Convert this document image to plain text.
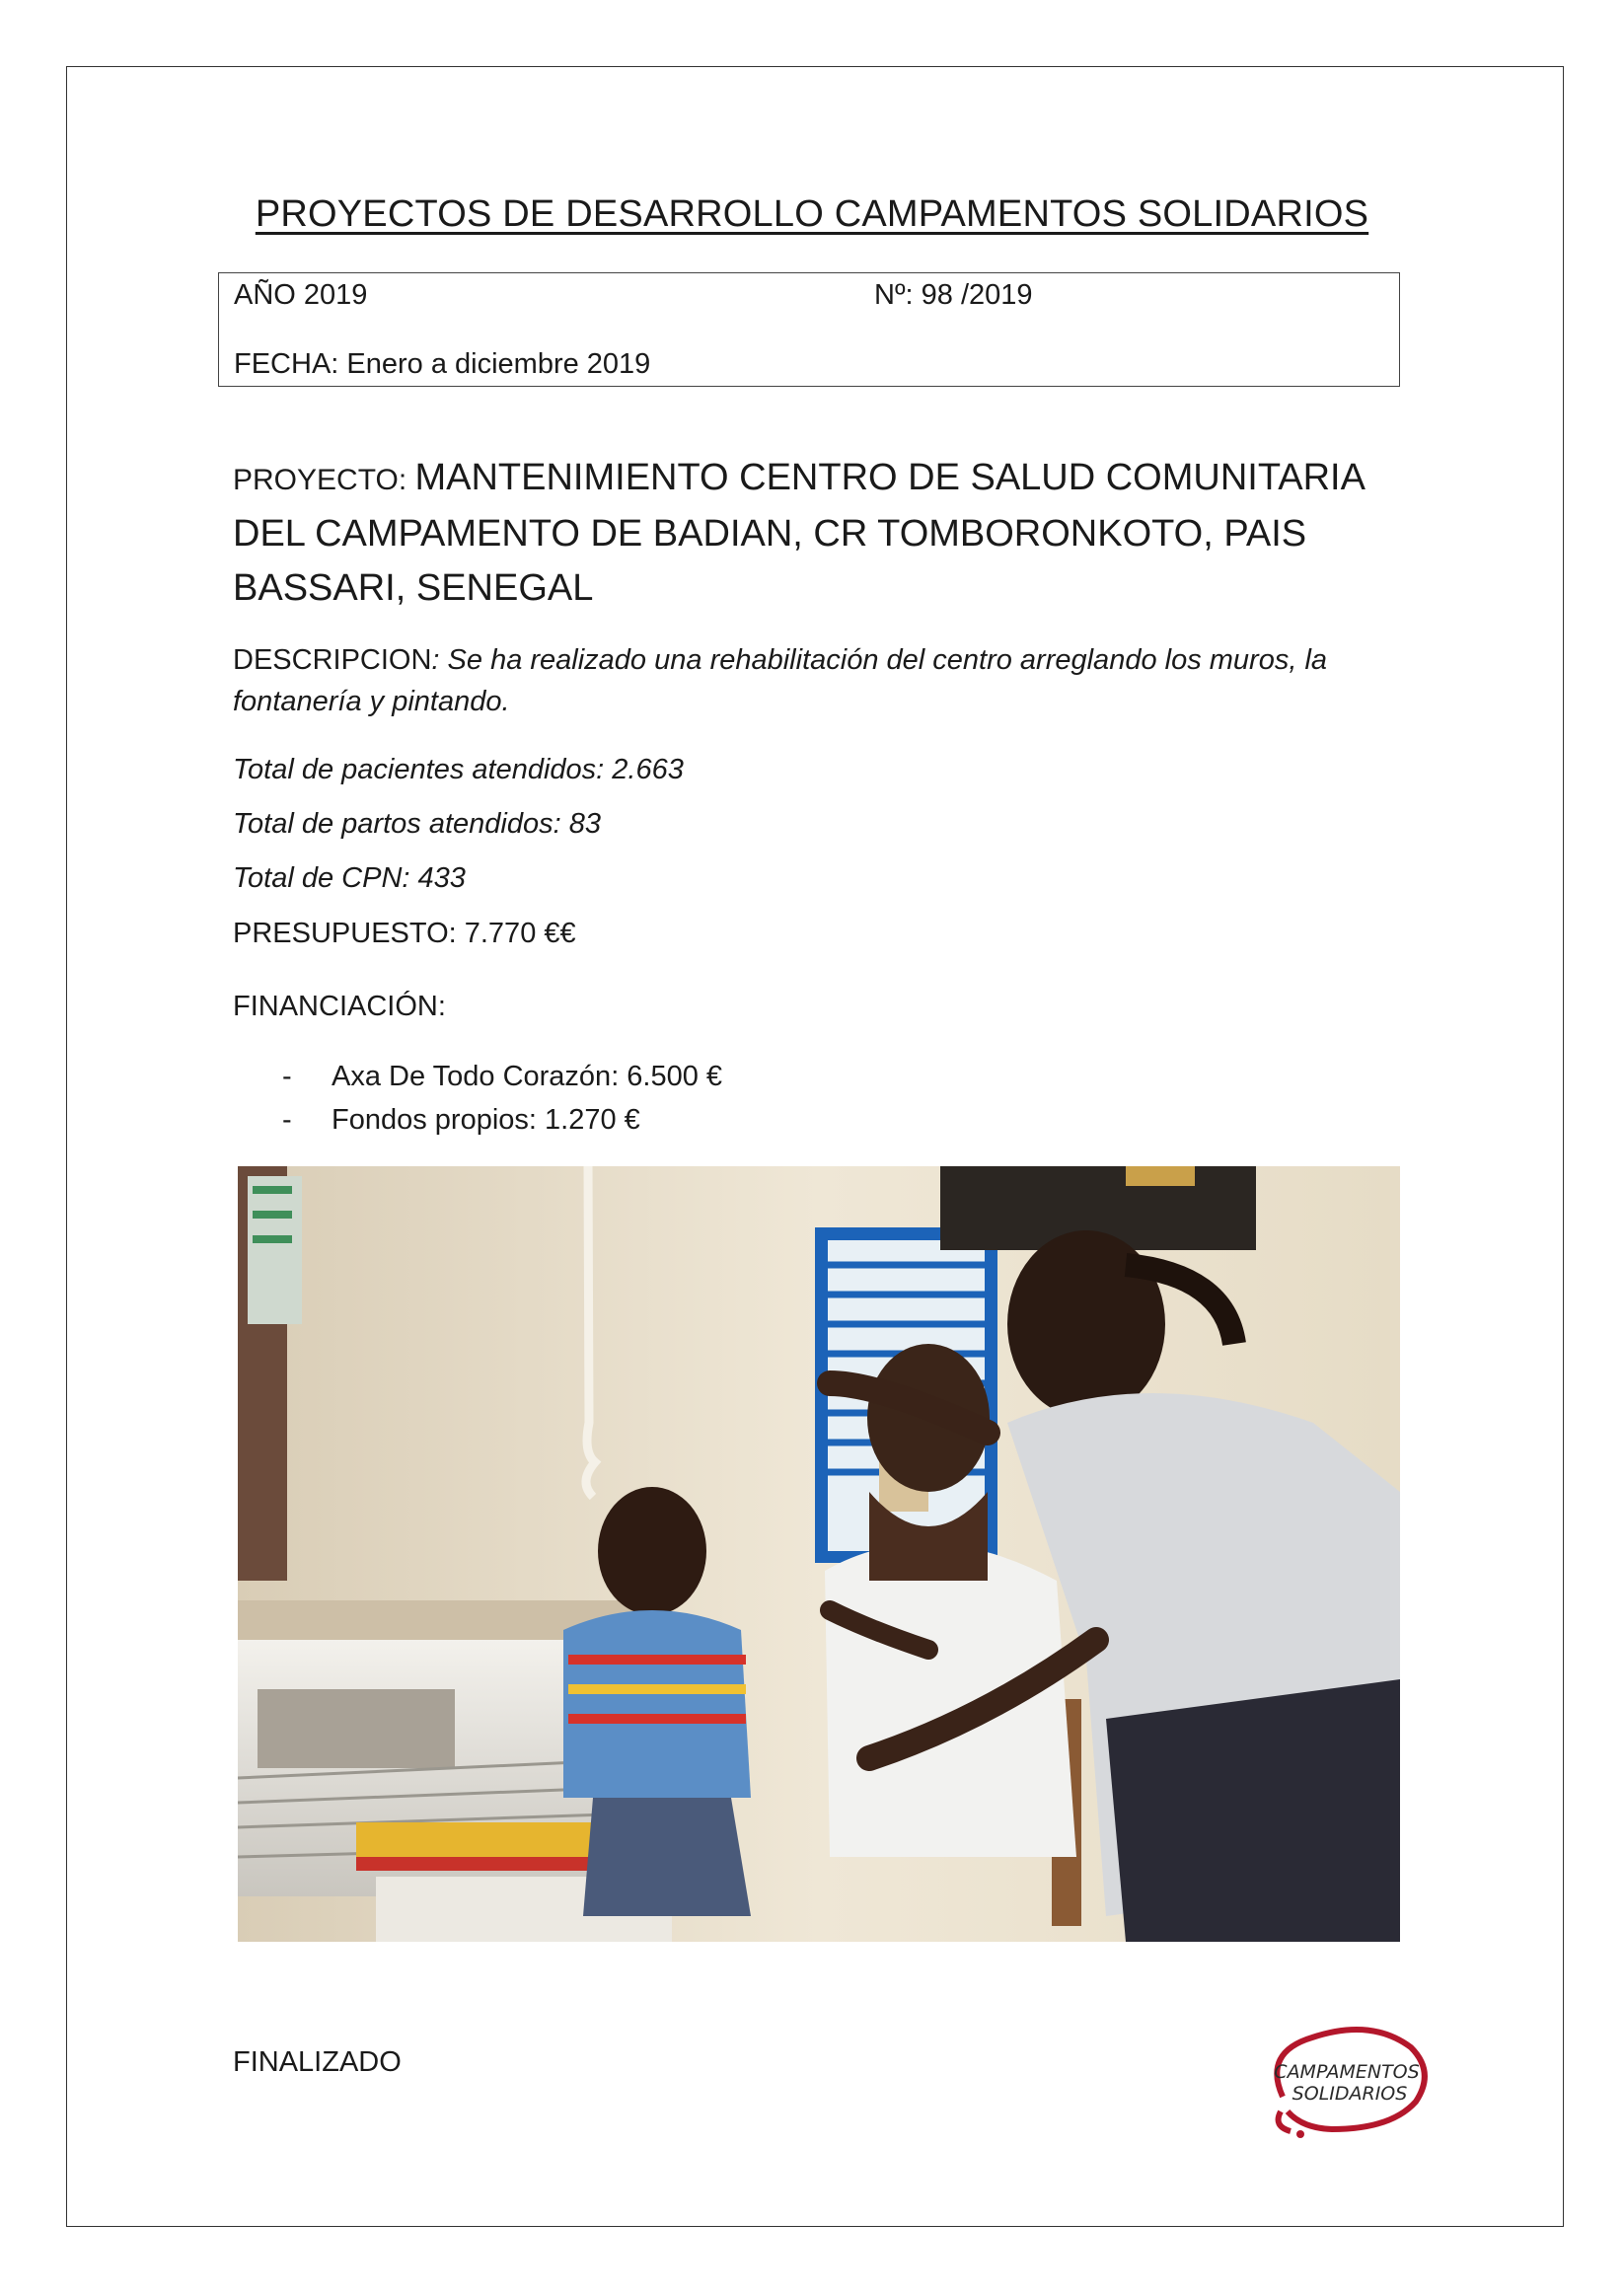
PROYECTOS DE DESARROLLO CAMPAMENTOS SOLIDARIOS
AÑO 2019	Nº: 98 /2019
FECHA: Enero a diciembre 2019
PROYECTO: MANTENIMIENTO CENTRO DE SALUD COMUNITARIA DEL CAMPAMENTO DE BADIAN, CR TOMBORONKOTO, PAIS BASSARI, SENEGAL
DESCRIPCION: Se ha realizado una rehabilitación del centro arreglando los muros, la fontanería y pintando.
Total de pacientes atendidos: 2.663
Total de partos atendidos: 83
Total de CPN: 433
PRESUPUESTO: 7.770 €€
FINANCIACIÓN:
- Axa De Todo Corazón: 6.500 €
- Fondos propios: 1.270 €
FINALIZADO	CAMPAMENTOS
SOLIDARIOS
